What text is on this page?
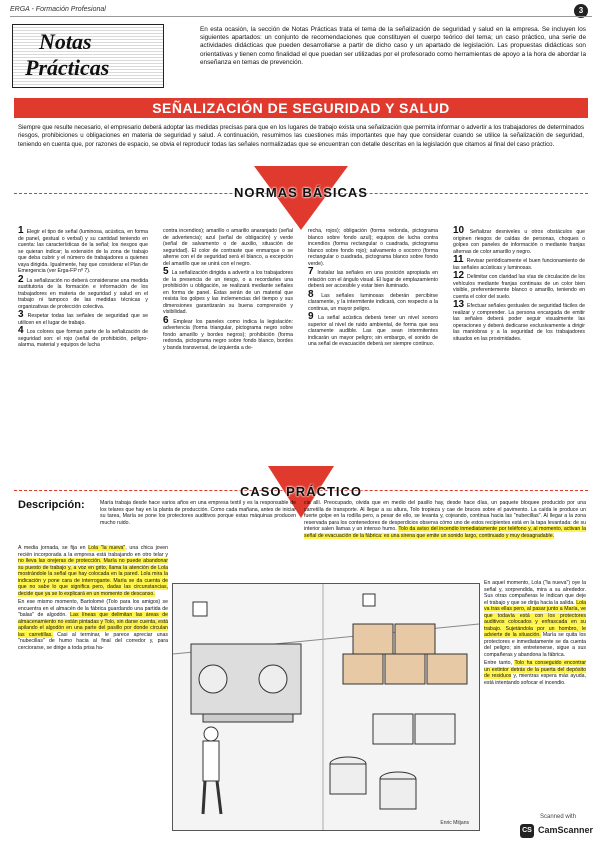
ERGA - Formación Profesional	3
Notas
Prácticas
En esta ocasión, la sección de Notas Prácticas trata el tema de la señalización de seguridad y salud en la empresa. Se incluyen los siguientes apartados: un conjunto de recomendaciones que constituyen el cuerpo teórico del tema; un caso práctico, una serie de actividades didácticas que pueden desarrollarse a partir de dicho caso y un apartado de legislación. Las propuestas didácticas son orientativas y tienen como finalidad el que puedan ser utilizadas por el profesorado como herramientas de apoyo a la hora de abordar la enseñanza en temas de prevención.
SEÑALIZACIÓN DE SEGURIDAD Y SALUD
Siempre que resulte necesario, el empresario deberá adoptar las medidas precisas para que en los lugares de trabajo exista una señalización que permita informar o advertir a los trabajadores de determinados riesgos, prohibiciones u obligaciones en materia de seguridad y salud. A continuación, resumimos las cuestiones más importantes que hay que considerar cuando se utilice la señalización de seguridad, teniendo en cuenta que, por razones de espacio, se obvia el reproducir todas las señales normalizadas que se encuentran con detalle descritas en la legislación que citamos al final del caso práctico.
NORMAS BÁSICAS

1 Elegir el tipo de señal (luminosa, acústica, en forma de panel, gestual o verbal) y su cantidad teniendo en cuenta: las características de la señal; los riesgos que se quieran indicar; la extensión de la zona de trabajo que deba cubrir y el número de trabajadores a quienes vaya dirigida. Igualmente, hay que considerar el Plan de Emergencia (ver Erga-FP nº 7).

2 La señalización no deberá considerarse una medida sustitutoria de la formación e información de los trabajadores en materia de seguridad y salud en el trabajo ni tampoco de las medidas técnicas y organizativas de protección colectiva.

3 Respetar todas las señales de seguridad que se utilicen en el lugar de trabajo.

4 Los colores que forman parte de la señalización de seguridad son: el rojo (señal de prohibición, peligro-alarma, material y equipos de lucha

contra incendios); amarillo o amarillo anaranjado (señal de advertencia); azul (señal de obligación) y verde (señal de salvamento o de auxilio, situación de seguridad). El color de contraste que enmarque o se alterne con el de seguridad será el blanco, a excepción del amarillo que se unirá con el negro.

5 La señalización dirigida a advertir a los trabajadores de la presencia de un riesgo, o a recordarles una prohibición u obligación, se realizará mediante señales en forma de panel. Éstas serán de un material que resista los golpes y las inclemencias del tiempo y sus dimensiones garantizarán su buena comprensión y visibilidad.

6 Emplear los paneles como indica la legislación: advertencia (forma triangular, pictograma negro sobre fondo amarillo y bordes negros); prohibición (forma redonda, pictograma negro sobre fondo blanco, bordes y banda transversal, de izquierda a de-

recha, rojos); obligación (forma redonda, pictograma blanco sobre fondo azul); equipos de lucha contra incendios (forma rectangular o cuadrada, pictograma blanco sobre fondo rojo); salvamento o socorro (forma rectangular o cuadrada, pictograma blanco sobre fondo verde).

7 Instalar las señales en una posición apropiada en relación con el ángulo visual. El lugar de emplazamiento deberá ser accesible y estar bien iluminado.

8 Las señales luminosas deberán percibirse claramente, y la intermitente indicará, con respecto a la continua, un mayor peligro.

9 La señal acústica deberá tener un nivel sonoro superior al nivel de ruido ambiental, de forma que sea claramente audible. Las que sean intermitentes indicarán un mayor peligro; sin embargo, el sonido de una señal de evacuación deberá ser siempre continuo.

10 Señalizar desniveles u otros obstáculos que originen riesgos de caídas de personas, choques o golpes con paneles de información o mediante franjas alternas de color amarillo y negro.

11 Revisar periódicamente el buen funcionamiento de las señales acústicas y luminosas.

12 Delimitar con claridad las vías de circulación de los vehículos mediante franjas continuas de un color bien visible, preferentemente blanco o amarillo, teniendo en cuenta el color del suelo.

13 Efectuar señales gestuales de seguridad fáciles de realizar y comprender. La persona encargada de emitir las señales deberá poder seguir visualmente las operaciones y deberá dedicarse exclusivamente a dirigir las maniobras y a la seguridad de los trabajadores situados en las proximidades.

CASO PRÁCTICO
Descripción:	María trabaja desde hace varios años en una empresa textil y es la responsable de los telares que hay en la planta de producción. Como cada mañana, antes de iniciar su tarea, María se pone los protectores auditivos porque estas máquinas producen mucho ruido.

A media jornada, se fija en Lola "la nueva", una chica joven recién incorporada a la empresa está trabajando en otro telar y no lleva las orejeras de protección. María no puede abandonar su puesto de trabajo y, a voz en grito, llama la atención de Lola mostrándole la señal que hay colocada en la pared. Lola mira la indicación y pone cara de interrogante. María se da cuenta de que no sabe lo que significa pero, dadas las circunstancias, decide que ya se lo explicará en un momento de descanso.

En ese mismo momento, Bartolomé (Tolo para los amigos) se encuentra en el almacén de la fábrica guardando una partida de "balas" de algodón. Las líneas que delimitan las áreas de almacenamiento no están pintadas y Tolo, sin darse cuenta, está apilando el algodón en una parte del pasillo por donde circulan las carretillas. Casi al terminar, le parece apreciar unas "nubecillas" de humo hacia al final del corredor y, para cerciorarse, se dirige a toda prisa ha-

cia allí. Preocupado, olvida que en medio del pasillo hay, desde hace días, un paquete bloquee producido por una carretilla de transporte. Al llegar a su altura, Tolo tropieza y cae de bruces sobre el pavimento. La caída le produce un fuerte golpe en la rodilla pero, a pesar de ello, se levanta y, cojeando, continua hacia las "nubecillas". Al llegar a la zona reservada para los contenedores de desperdicios observa cómo uno de estos recipientes está en la tapa levantada: de su interior salen llamas y un intenso humo. Tolo da aviso del incendio inmediatamente por teléfono y, al momento, activan la señal de evacuación de la fábrica: es una sirena que emite un sonido largo, continuado y muy desagradable.

En aquel momento, Lola ("la nueva") oye la señal y, sorprendida, mira a su alrededor. Sus otras compañeras le indican que deje el trabajo y que se dirija hacia la salida. Lola va tras ellas pero, al pasar junto a María, ve que todavía está con los protectores auditivos colocados y enfrascada en su trabajo. Sujetándola por un hombro, le advierte de la situación. María se quita los protectores e inmediatamente se da cuenta del peligro; sin entretenerse, sigue a sus compañeras y abandona la fábrica.

Entre tanto, Tolo ha conseguido encontrar un extintor detrás de la puerta del depósito de residuos y, mientras espera más ayuda, está intentando sofocar el incendio.

Enric Mitjans
Scanned with
CS CamScanner
